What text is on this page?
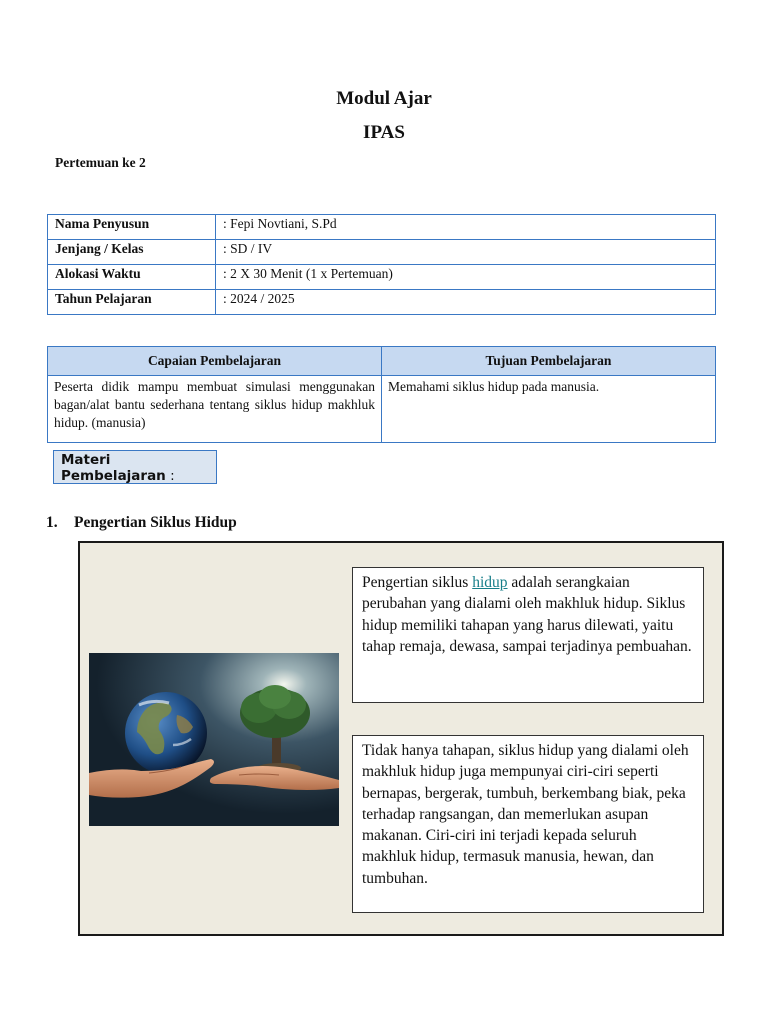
Modul Ajar
IPAS
Pertemuan ke 2
Nama Penyusun	: Fepi Novtiani, S.Pd
Jenjang / Kelas	: SD / IV
Alokasi Waktu	: 2 X 30 Menit (1 x Pertemuan)
Tahun Pelajaran	: 2024 / 2025
Capaian Pembelajaran	Tujuan Pembelajaran
Peserta didik mampu membuat simulasi menggunakan bagan/alat bantu sederhana tentang siklus hidup makhluk hidup. (manusia)	Memahami siklus hidup pada manusia.
Materi Pembelajaran :
1. Pengertian Siklus Hidup
Pengertian siklus hidup adalah serangkaian perubahan yang dialami oleh makhluk hidup. Siklus hidup memiliki tahapan yang harus dilewati, yaitu tahap remaja, dewasa, sampai terjadinya pembuahan.
Tidak hanya tahapan, siklus hidup yang dialami oleh makhluk hidup juga mempunyai ciri-ciri seperti bernapas, bergerak, tumbuh, berkembang biak, peka terhadap rangsangan, dan memerlukan asupan makanan. Ciri-ciri ini terjadi kepada seluruh makhluk hidup, termasuk manusia, hewan, dan tumbuhan.
